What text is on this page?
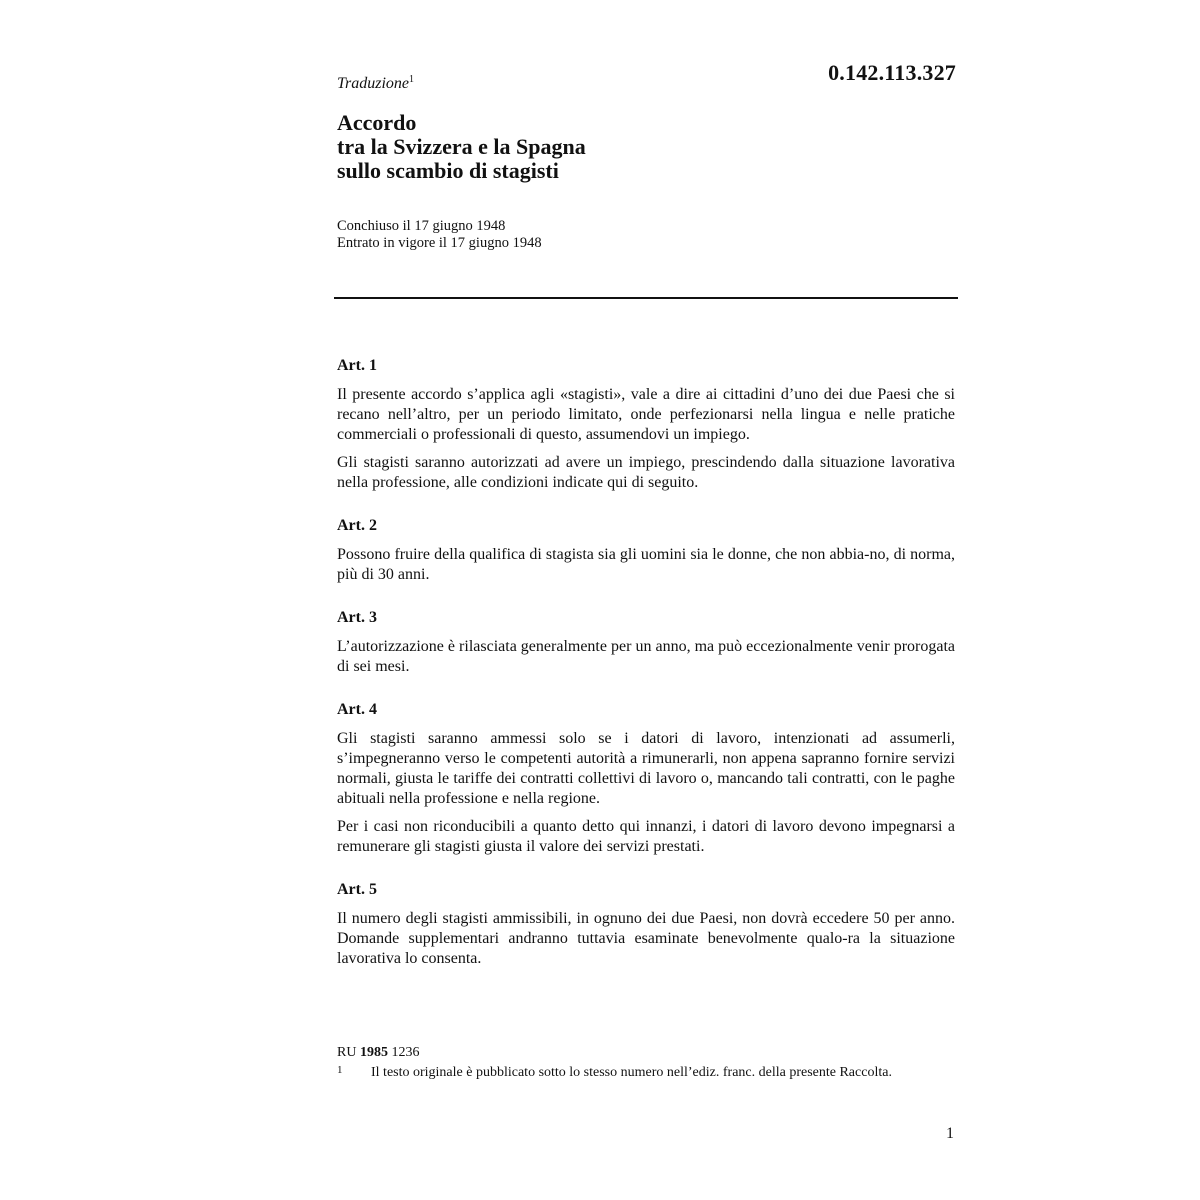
0.142.113.327
Traduzione$^1$
Accordo
tra la Svizzera e la Spagna
sullo scambio di stagisti
Conchiuso il 17 giugno 1948
Entrato in vigore il 17 giugno 1948
Art. 1

Il presente accordo s’applica agli «stagisti», vale a dire ai cittadini d’uno dei due Paesi che si recano nell’altro, per un periodo limitato, onde perfezionarsi nella lingua e nelle pratiche commerciali o professionali di questo, assumendovi un impiego.

Gli stagisti saranno autorizzati ad avere un impiego, prescindendo dalla situazione lavorativa nella professione, alle condizioni indicate qui di seguito.

Art. 2

Possono fruire della qualifica di stagista sia gli uomini sia le donne, che non abbia-no, di norma, più di 30 anni.

Art. 3

L’autorizzazione è rilasciata generalmente per un anno, ma può eccezionalmente venir prorogata di sei mesi.

Art. 4

Gli stagisti saranno ammessi solo se i datori di lavoro, intenzionati ad assumerli, s’impegneranno verso le competenti autorità a rimunerarli, non appena sapranno fornire servizi normali, giusta le tariffe dei contratti collettivi di lavoro o, mancando tali contratti, con le paghe abituali nella professione e nella regione.

Per i casi non riconducibili a quanto detto qui innanzi, i datori di lavoro devono impegnarsi a remunerare gli stagisti giusta il valore dei servizi prestati.

Art. 5

Il numero degli stagisti ammissibili, in ognuno dei due Paesi, non dovrà eccedere 50 per anno. Domande supplementari andranno tuttavia esaminate benevolmente qualo-ra la situazione lavorativa lo consenta.

RU 1985 1236
1 Il testo originale è pubblicato sotto lo stesso numero nell’ediz. franc. della presente Raccolta.
1
